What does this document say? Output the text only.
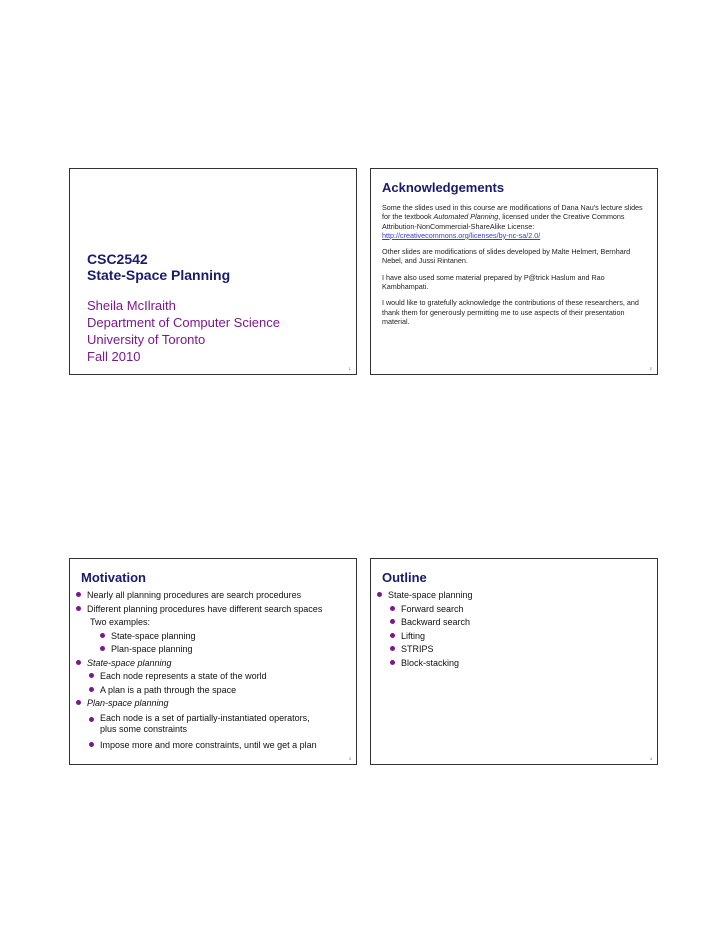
CSC2542
State-Space Planning
Sheila McIlraith
Department of Computer Science
University of Toronto
Fall 2010
1
Acknowledgements

Some the slides used in this course are modifications of Dana Nau's lecture slides for the textbook Automated Planning, licensed under the Creative Commons Attribution-NonCommercial-ShareAlike License:
http://creativecommons.org/licenses/by-nc-sa/2.0/

Other slides are modifications of slides developed by Malte Helmert, Bernhard Nebel, and Jussi Rintanen.

I have also used some material prepared by P@trick Haslum and Rao Kambhampati.

I would like to gratefully acknowledge the contributions of these researchers, and thank them for generously permitting me to use aspects of their presentation material.

2
Motivation
Nearly all planning procedures are search procedures
Different planning procedures have different search spaces
Two examples:
State-space planning
Plan-space planning
State-space planning
Each node represents a state of the world
A plan is a path through the space
Plan-space planning
Each node is a set of partially-instantiated operators, plus some constraints
Impose more and more constraints, until we get a plan
3
Outline
State-space planning
Forward search
Backward search
Lifting
STRIPS
Block-stacking
4
